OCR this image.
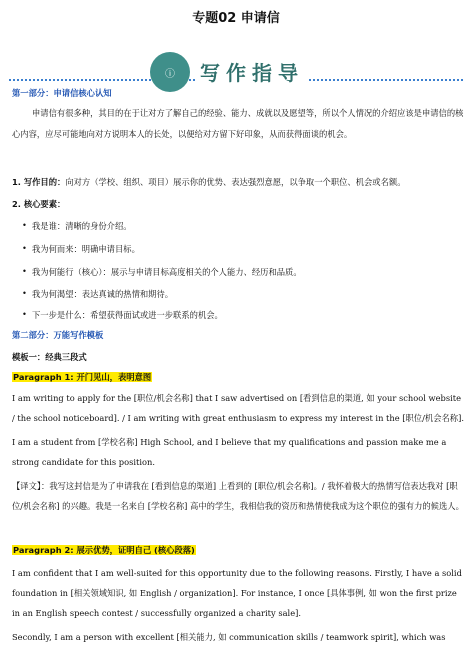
专题02 申请信
ⓘ	写作指导
第一部分：申请信核心认知
申请信有很多种，其目的在于让对方了解自己的经验、能力、成就以及愿望等，所以个人情况的介绍应该是申请信的核心内容，应尽可能地向对方说明本人的长处，以便给对方留下好印象，从而获得面谈的机会。
1. 写作目的：向对方（学校、组织、项目）展示你的优势、表达强烈意愿，以争取一个职位、机会或名额。
2. 核心要素：
• 我是谁：清晰的身份介绍。
• 我为何而来：明确申请目标。
• 我为何能行（核心）：展示与申请目标高度相关的个人能力、经历和品质。
• 我为何渴望：表达真诚的热情和期待。
• 下一步是什么：希望获得面试或进一步联系的机会。
第二部分：万能写作模板
模板一：经典三段式
Paragraph 1: 开门见山，表明意图
I am writing to apply for the [职位/机会名称] that I saw advertised on [看到信息的渠道, 如 your school website / the school noticeboard]. / I am writing with great enthusiasm to express my interest in the [职位/机会名称].
I am a student from [学校名称] High School, and I believe that my qualifications and passion make me a strong candidate for this position.
【译文】：我写这封信是为了申请我在 [看到信息的渠道] 上看到的 [职位/机会名称]。/ 我怀着极大的热情写信表达我对 [职位/机会名称] 的兴趣。我是一名来自 [学校名称] 高中的学生，我相信我的资历和热情使我成为这个职位的强有力的候选人。
Paragraph 2: 展示优势，证明自己 (核心段落)
I am confident that I am well-suited for this opportunity due to the following reasons. Firstly, I have a solid foundation in [相关领域知识, 如 English / organization]. For instance, I once [具体事例, 如 won the first prize in an English speech contest / successfully organized a charity sale].
Secondly, I am a person with excellent [相关能力, 如 communication skills / teamwork spirit], which was
